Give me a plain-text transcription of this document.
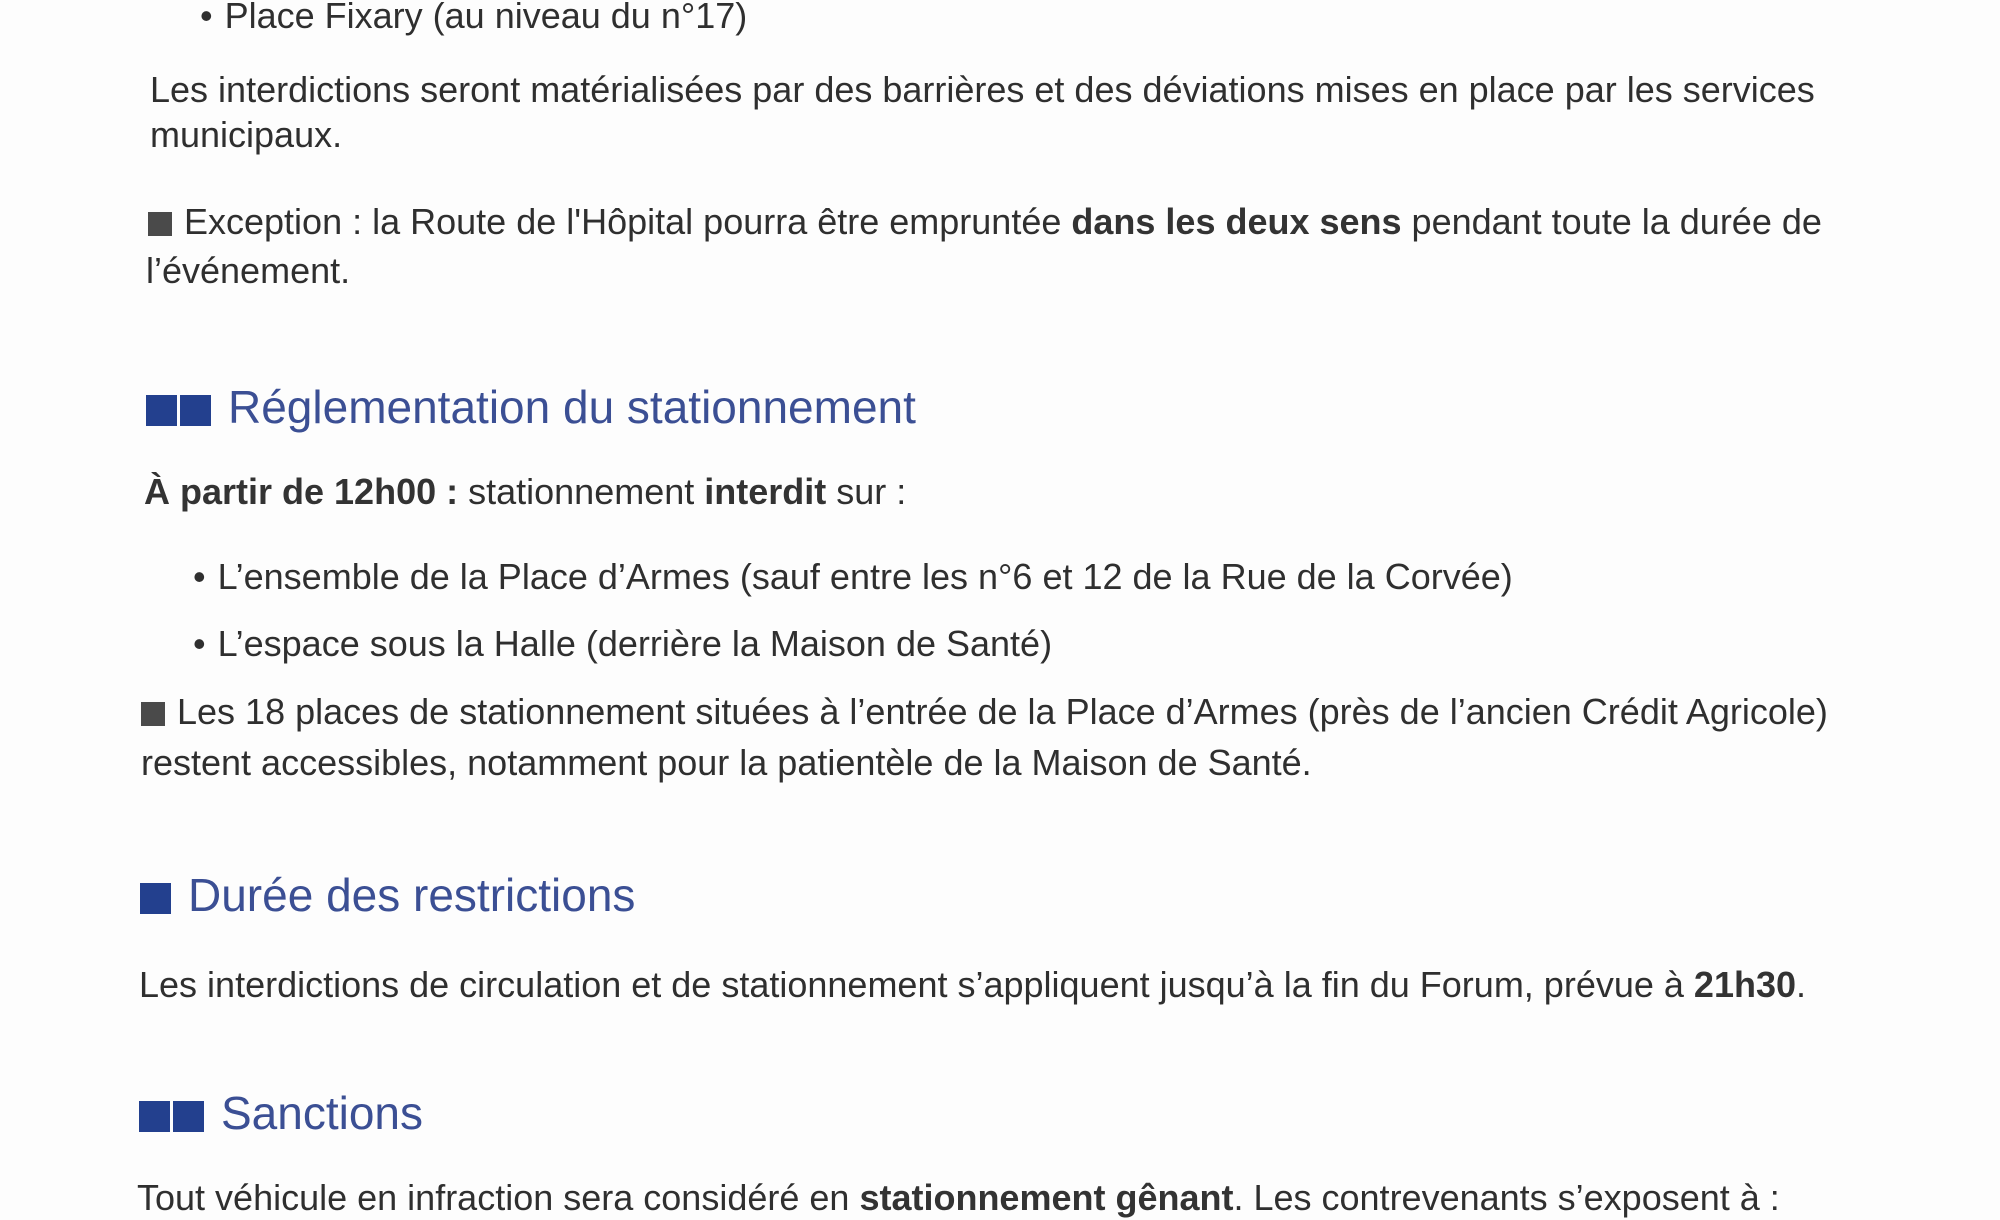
• Place Fixary (au niveau du n°17)

Les interdictions seront matérialisées par des barrières et des déviations mises en place par les services

municipaux.

Exception : la Route de l'Hôpital pourra être empruntée dans les deux sens pendant toute la durée de

l’événement.

Réglementation du stationnement

À partir de 12h00 : stationnement interdit sur :

• L’ensemble de la Place d’Armes (sauf entre les n°6 et 12 de la Rue de la Corvée)

• L’espace sous la Halle (derrière la Maison de Santé)

Les 18 places de stationnement situées à l’entrée de la Place d’Armes (près de l’ancien Crédit Agricole)

restent accessibles, notamment pour la patientèle de la Maison de Santé.

Durée des restrictions

Les interdictions de circulation et de stationnement s’appliquent jusqu’à la fin du Forum, prévue à 21h30.

Sanctions

Tout véhicule en infraction sera considéré en stationnement gênant. Les contrevenants s’exposent à :
